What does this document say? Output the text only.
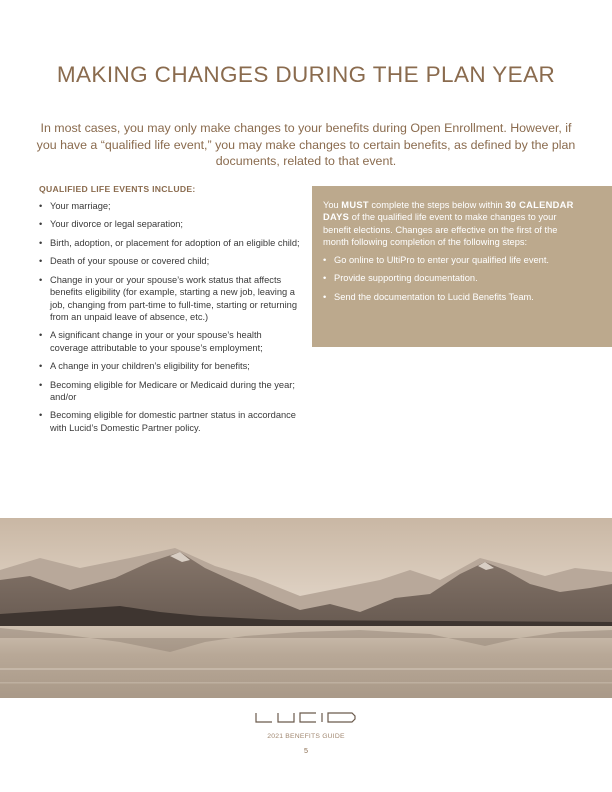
MAKING CHANGES DURING THE PLAN YEAR

In most cases, you may only make changes to your benefits during Open Enrollment. However, if you have a “qualified life event,” you may make changes to certain benefits, as defined by the plan documents, related to that event.

QUALIFIED LIFE EVENTS INCLUDE:
• Your marriage;
• Your divorce or legal separation;
• Birth, adoption, or placement for adoption of an eligible child;
• Death of your spouse or covered child;
• Change in your or your spouse’s work status that affects benefits eligibility (for example, starting a new job, leaving a job, changing from part-time to full-time, starting or returning from an unpaid leave of absence, etc.)
• A significant change in your or your spouse’s health coverage attributable to your spouse’s employment;
• A change in your children’s eligibility for benefits;
• Becoming eligible for Medicare or Medicaid during the year; and/or
• Becoming eligible for domestic partner status in accordance with Lucid’s Domestic Partner policy.

You MUST complete the steps below within 30 CALENDAR DAYS of the qualified life event to make changes to your benefit elections. Changes are effective on the first of the month following completion of the following steps:

• Go online to UltiPro to enter your qualified life event.
• Provide supporting documentation.
• Send the documentation to Lucid Benefits Team.
2021 BENEFITS GUIDE
5
